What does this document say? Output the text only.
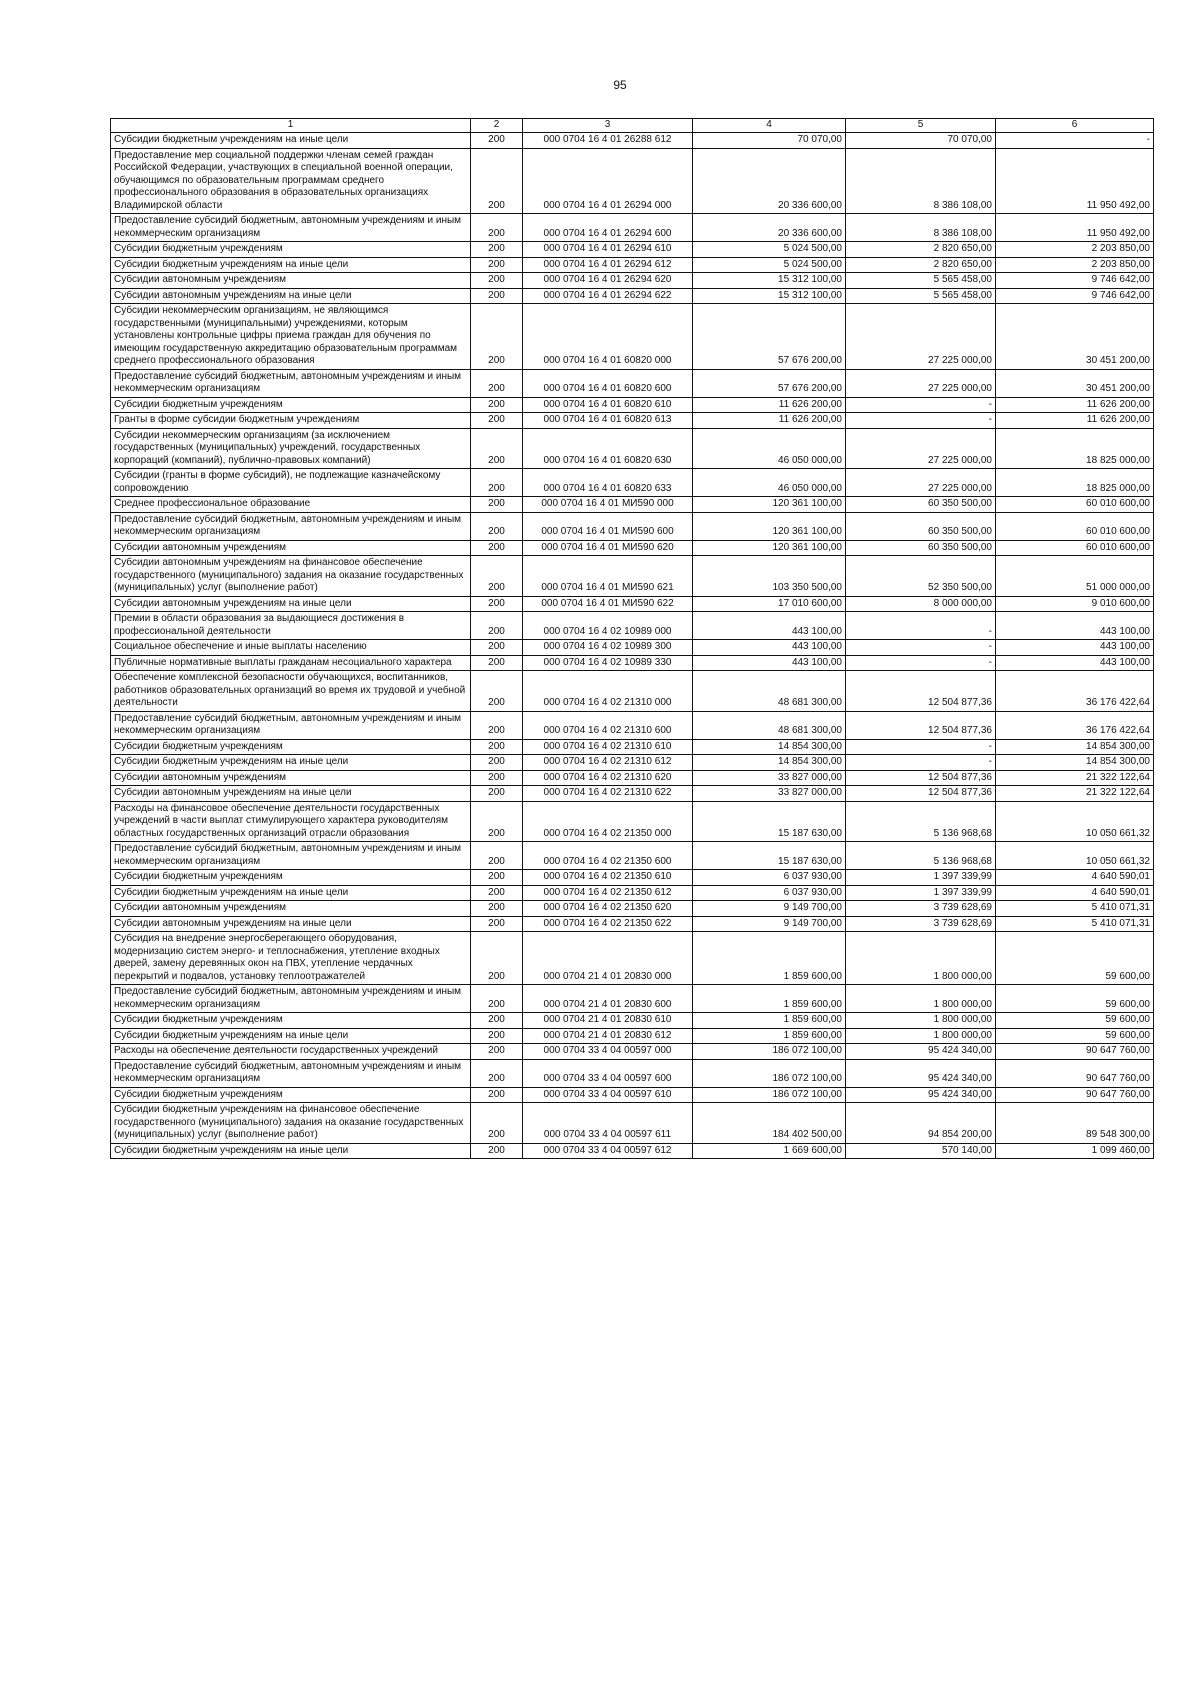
95
1	2	3	4	5	6
Субсидии бюджетным учреждениям на иные цели	200	000 0704 16 4 01 26288 612	70 070,00	70 070,00	-
Предоставление мер социальной поддержки членам семей граждан Российской Федерации, участвующих в специальной военной операции, обучающимся по образовательным программам среднего профессионального образования в образовательных организациях Владимирской области	200	000 0704 16 4 01 26294 000	20 336 600,00	8 386 108,00	11 950 492,00
Предоставление субсидий бюджетным, автономным учреждениям и иным некоммерческим организациям	200	000 0704 16 4 01 26294 600	20 336 600,00	8 386 108,00	11 950 492,00
Субсидии бюджетным учреждениям	200	000 0704 16 4 01 26294 610	5 024 500,00	2 820 650,00	2 203 850,00
Субсидии бюджетным учреждениям на иные цели	200	000 0704 16 4 01 26294 612	5 024 500,00	2 820 650,00	2 203 850,00
Субсидии автономным учреждениям	200	000 0704 16 4 01 26294 620	15 312 100,00	5 565 458,00	9 746 642,00
Субсидии автономным учреждениям на иные цели	200	000 0704 16 4 01 26294 622	15 312 100,00	5 565 458,00	9 746 642,00
Субсидии некоммерческим организациям, не являющимся государственными (муниципальными) учреждениями, которым установлены контрольные цифры приема граждан для обучения по имеющим государственную аккредитацию образовательным программам среднего профессионального образования	200	000 0704 16 4 01 60820 000	57 676 200,00	27 225 000,00	30 451 200,00
Предоставление субсидий бюджетным, автономным учреждениям и иным некоммерческим организациям	200	000 0704 16 4 01 60820 600	57 676 200,00	27 225 000,00	30 451 200,00
Субсидии бюджетным учреждениям	200	000 0704 16 4 01 60820 610	11 626 200,00	-	11 626 200,00
Гранты в форме субсидии бюджетным учреждениям	200	000 0704 16 4 01 60820 613	11 626 200,00	-	11 626 200,00
Субсидии некоммерческим организациям (за исключением государственных (муниципальных) учреждений, государственных корпораций (компаний), публично-правовых компаний)	200	000 0704 16 4 01 60820 630	46 050 000,00	27 225 000,00	18 825 000,00
Субсидии (гранты в форме субсидий), не подлежащие казначейскому сопровождению	200	000 0704 16 4 01 60820 633	46 050 000,00	27 225 000,00	18 825 000,00
Среднее профессиональное образование	200	000 0704 16 4 01 МИ590 000	120 361 100,00	60 350 500,00	60 010 600,00
Предоставление субсидий бюджетным, автономным учреждениям и иным некоммерческим организациям	200	000 0704 16 4 01 МИ590 600	120 361 100,00	60 350 500,00	60 010 600,00
Субсидии автономным учреждениям	200	000 0704 16 4 01 МИ590 620	120 361 100,00	60 350 500,00	60 010 600,00
Субсидии автономным учреждениям на финансовое обеспечение государственного (муниципального) задания на оказание государственных (муниципальных) услуг (выполнение работ)	200	000 0704 16 4 01 МИ590 621	103 350 500,00	52 350 500,00	51 000 000,00
Субсидии автономным учреждениям на иные цели	200	000 0704 16 4 01 МИ590 622	17 010 600,00	8 000 000,00	9 010 600,00
Премии в области образования за выдающиеся достижения в профессиональной деятельности	200	000 0704 16 4 02 10989 000	443 100,00	-	443 100,00
Социальное обеспечение и иные выплаты населению	200	000 0704 16 4 02 10989 300	443 100,00	-	443 100,00
Публичные нормативные выплаты гражданам несоциального характера	200	000 0704 16 4 02 10989 330	443 100,00	-	443 100,00
Обеспечение комплексной безопасности обучающихся, воспитанников, работников образовательных организаций во время их трудовой и учебной деятельности	200	000 0704 16 4 02 21310 000	48 681 300,00	12 504 877,36	36 176 422,64
Предоставление субсидий бюджетным, автономным учреждениям и иным некоммерческим организациям	200	000 0704 16 4 02 21310 600	48 681 300,00	12 504 877,36	36 176 422,64
Субсидии бюджетным учреждениям	200	000 0704 16 4 02 21310 610	14 854 300,00	-	14 854 300,00
Субсидии бюджетным учреждениям на иные цели	200	000 0704 16 4 02 21310 612	14 854 300,00	-	14 854 300,00
Субсидии автономным учреждениям	200	000 0704 16 4 02 21310 620	33 827 000,00	12 504 877,36	21 322 122,64
Субсидии автономным учреждениям на иные цели	200	000 0704 16 4 02 21310 622	33 827 000,00	12 504 877,36	21 322 122,64
Расходы на финансовое обеспечение деятельности государственных учреждений в части выплат стимулирующего характера руководителям областных государственных организаций отрасли образования	200	000 0704 16 4 02 21350 000	15 187 630,00	5 136 968,68	10 050 661,32
Предоставление субсидий бюджетным, автономным учреждениям и иным некоммерческим организациям	200	000 0704 16 4 02 21350 600	15 187 630,00	5 136 968,68	10 050 661,32
Субсидии бюджетным учреждениям	200	000 0704 16 4 02 21350 610	6 037 930,00	1 397 339,99	4 640 590,01
Субсидии бюджетным учреждениям на иные цели	200	000 0704 16 4 02 21350 612	6 037 930,00	1 397 339,99	4 640 590,01
Субсидии автономным учреждениям	200	000 0704 16 4 02 21350 620	9 149 700,00	3 739 628,69	5 410 071,31
Субсидии автономным учреждениям на иные цели	200	000 0704 16 4 02 21350 622	9 149 700,00	3 739 628,69	5 410 071,31
Субсидия на внедрение энергосберегающего оборудования, модернизацию систем энерго- и теплоснабжения, утепление входных дверей, замену деревянных окон на ПВХ, утепление чердачных перекрытий и подвалов, установку теплоотражателей	200	000 0704 21 4 01 20830 000	1 859 600,00	1 800 000,00	59 600,00
Предоставление субсидий бюджетным, автономным учреждениям и иным некоммерческим организациям	200	000 0704 21 4 01 20830 600	1 859 600,00	1 800 000,00	59 600,00
Субсидии бюджетным учреждениям	200	000 0704 21 4 01 20830 610	1 859 600,00	1 800 000,00	59 600,00
Субсидии бюджетным учреждениям на иные цели	200	000 0704 21 4 01 20830 612	1 859 600,00	1 800 000,00	59 600,00
Расходы на обеспечение деятельности государственных учреждений	200	000 0704 33 4 04 00597 000	186 072 100,00	95 424 340,00	90 647 760,00
Предоставление субсидий бюджетным, автономным учреждениям и иным некоммерческим организациям	200	000 0704 33 4 04 00597 600	186 072 100,00	95 424 340,00	90 647 760,00
Субсидии бюджетным учреждениям	200	000 0704 33 4 04 00597 610	186 072 100,00	95 424 340,00	90 647 760,00
Субсидии бюджетным учреждениям на финансовое обеспечение государственного (муниципального) задания на оказание государственных (муниципальных) услуг (выполнение работ)	200	000 0704 33 4 04 00597 611	184 402 500,00	94 854 200,00	89 548 300,00
Субсидии бюджетным учреждениям на иные цели	200	000 0704 33 4 04 00597 612	1 669 600,00	570 140,00	1 099 460,00
